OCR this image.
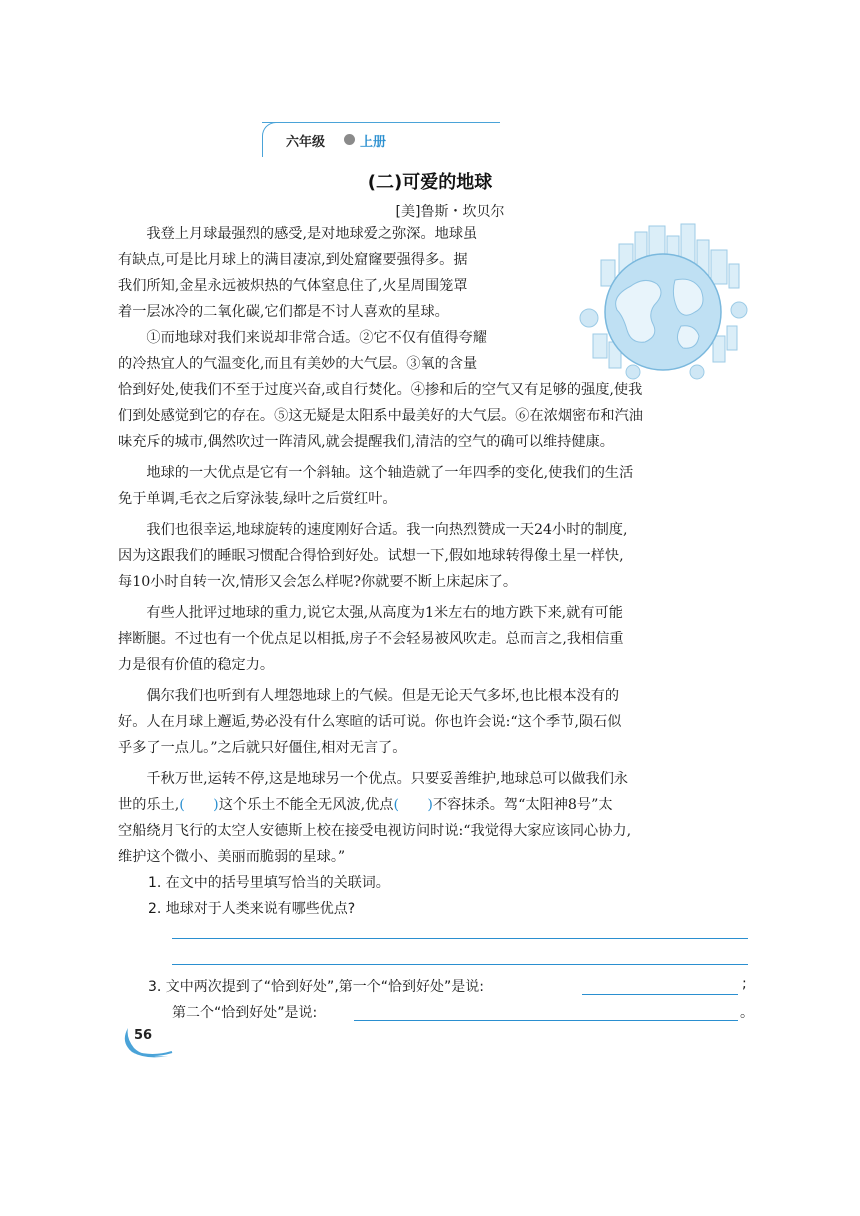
六年级	上册
(二)可爱的地球
[美]鲁斯・坎贝尔
　　我登上月球最强烈的感受,是对地球爱之弥深。地球虽
有缺点,可是比月球上的满目凄凉,到处窟窿要强得多。据
我们所知,金星永远被炽热的气体窒息住了,火星周围笼罩
着一层冰冷的二氧化碳,它们都是不讨人喜欢的星球。
　　①而地球对我们来说却非常合适。②它不仅有值得夸耀
的冷热宜人的气温变化,而且有美妙的大气层。③氧的含量
恰到好处,使我们不至于过度兴奋,或自行焚化。④掺和后的空气又有足够的强度,使我
们到处感觉到它的存在。⑤这无疑是太阳系中最美好的大气层。⑥在浓烟密布和汽油
味充斥的城市,偶然吹过一阵清风,就会提醒我们,清洁的空气的确可以维持健康。
　　地球的一大优点是它有一个斜轴。这个轴造就了一年四季的变化,使我们的生活
免于单调,毛衣之后穿泳装,绿叶之后赏红叶。
　　我们也很幸运,地球旋转的速度刚好合适。我一向热烈赞成一天24小时的制度,
因为这跟我们的睡眠习惯配合得恰到好处。试想一下,假如地球转得像土星一样快,
每10小时自转一次,情形又会怎么样呢?你就要不断上床起床了。
　　有些人批评过地球的重力,说它太强,从高度为1米左右的地方跌下来,就有可能
摔断腿。不过也有一个优点足以相抵,房子不会轻易被风吹走。总而言之,我相信重
力是很有价值的稳定力。
　　偶尔我们也听到有人埋怨地球上的气候。但是无论天气多坏,也比根本没有的
好。人在月球上邂逅,势必没有什么寒暄的话可说。你也许会说:“这个季节,陨石似
乎多了一点儿。”之后就只好僵住,相对无言了。
　　千秋万世,运转不停,这是地球另一个优点。只要妥善维护,地球总可以做我们永
世的乐土,(　　)这个乐土不能全无风波,优点(　　)不容抹杀。驾“太阳神8号”太
空船绕月飞行的太空人安德斯上校在接受电视访问时说:“我觉得大家应该同心协力,
维护这个微小、美丽而脆弱的星球。”
1. 在文中的括号里填写恰当的关联词。
2. 地球对于人类来说有哪些优点?
3. 文中两次提到了“恰到好处”,第一个“恰到好处”是说:	;
第二个“恰到好处”是说:	。
56
